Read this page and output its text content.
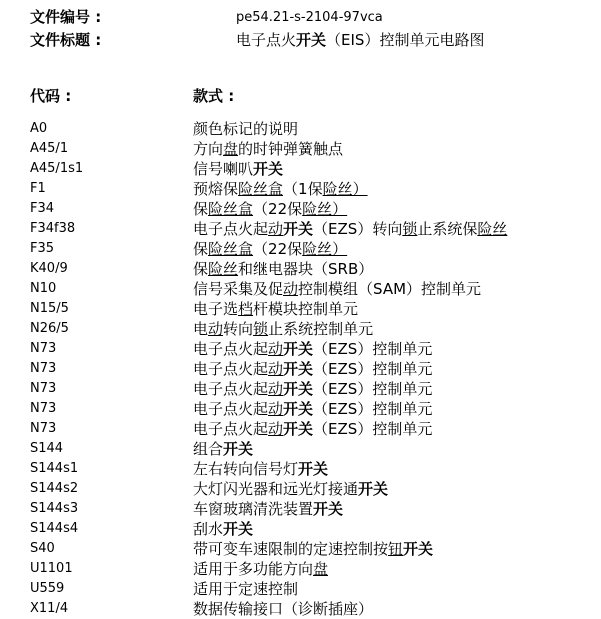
文件编号 :	$^{pe54.21-s-2104-97vca}$
文件标题 :	电子点火开关（EIS）控制单元电路图
代码 :	款式 :
A0	颜色标记的说明
A45/1	方向盘的时钟弹簧触点
A45/1s1	信号喇叭开关
F1	预熔保险丝盒（1保险丝）
F34	保险丝盒（22保险丝）
F34f38	电子点火起动开关（EZS）转向锁止系统保险丝
F35	保险丝盒（22保险丝）
K40/9	保险丝和继电器块（SRB）
N10	信号采集及促动控制模组（SAM）控制单元
N15/5	电子选档杆模块控制单元
N26/5	电动转向锁止系统控制单元
N73	电子点火起动开关（EZS）控制单元
N73	电子点火起动开关（EZS）控制单元
N73	电子点火起动开关（EZS）控制单元
N73	电子点火起动开关（EZS）控制单元
N73	电子点火起动开关（EZS）控制单元
S144	组合开关
S144s1	左右转向信号灯开关
S144s2	大灯闪光器和远光灯接通开关
S144s3	车窗玻璃清洗装置开关
S144s4	刮水开关
S40	带可变车速限制的定速控制按钮开关
U1101	适用于多功能方向盘
U559	适用于定速控制
X11/4	数据传输接口（诊断插座）
